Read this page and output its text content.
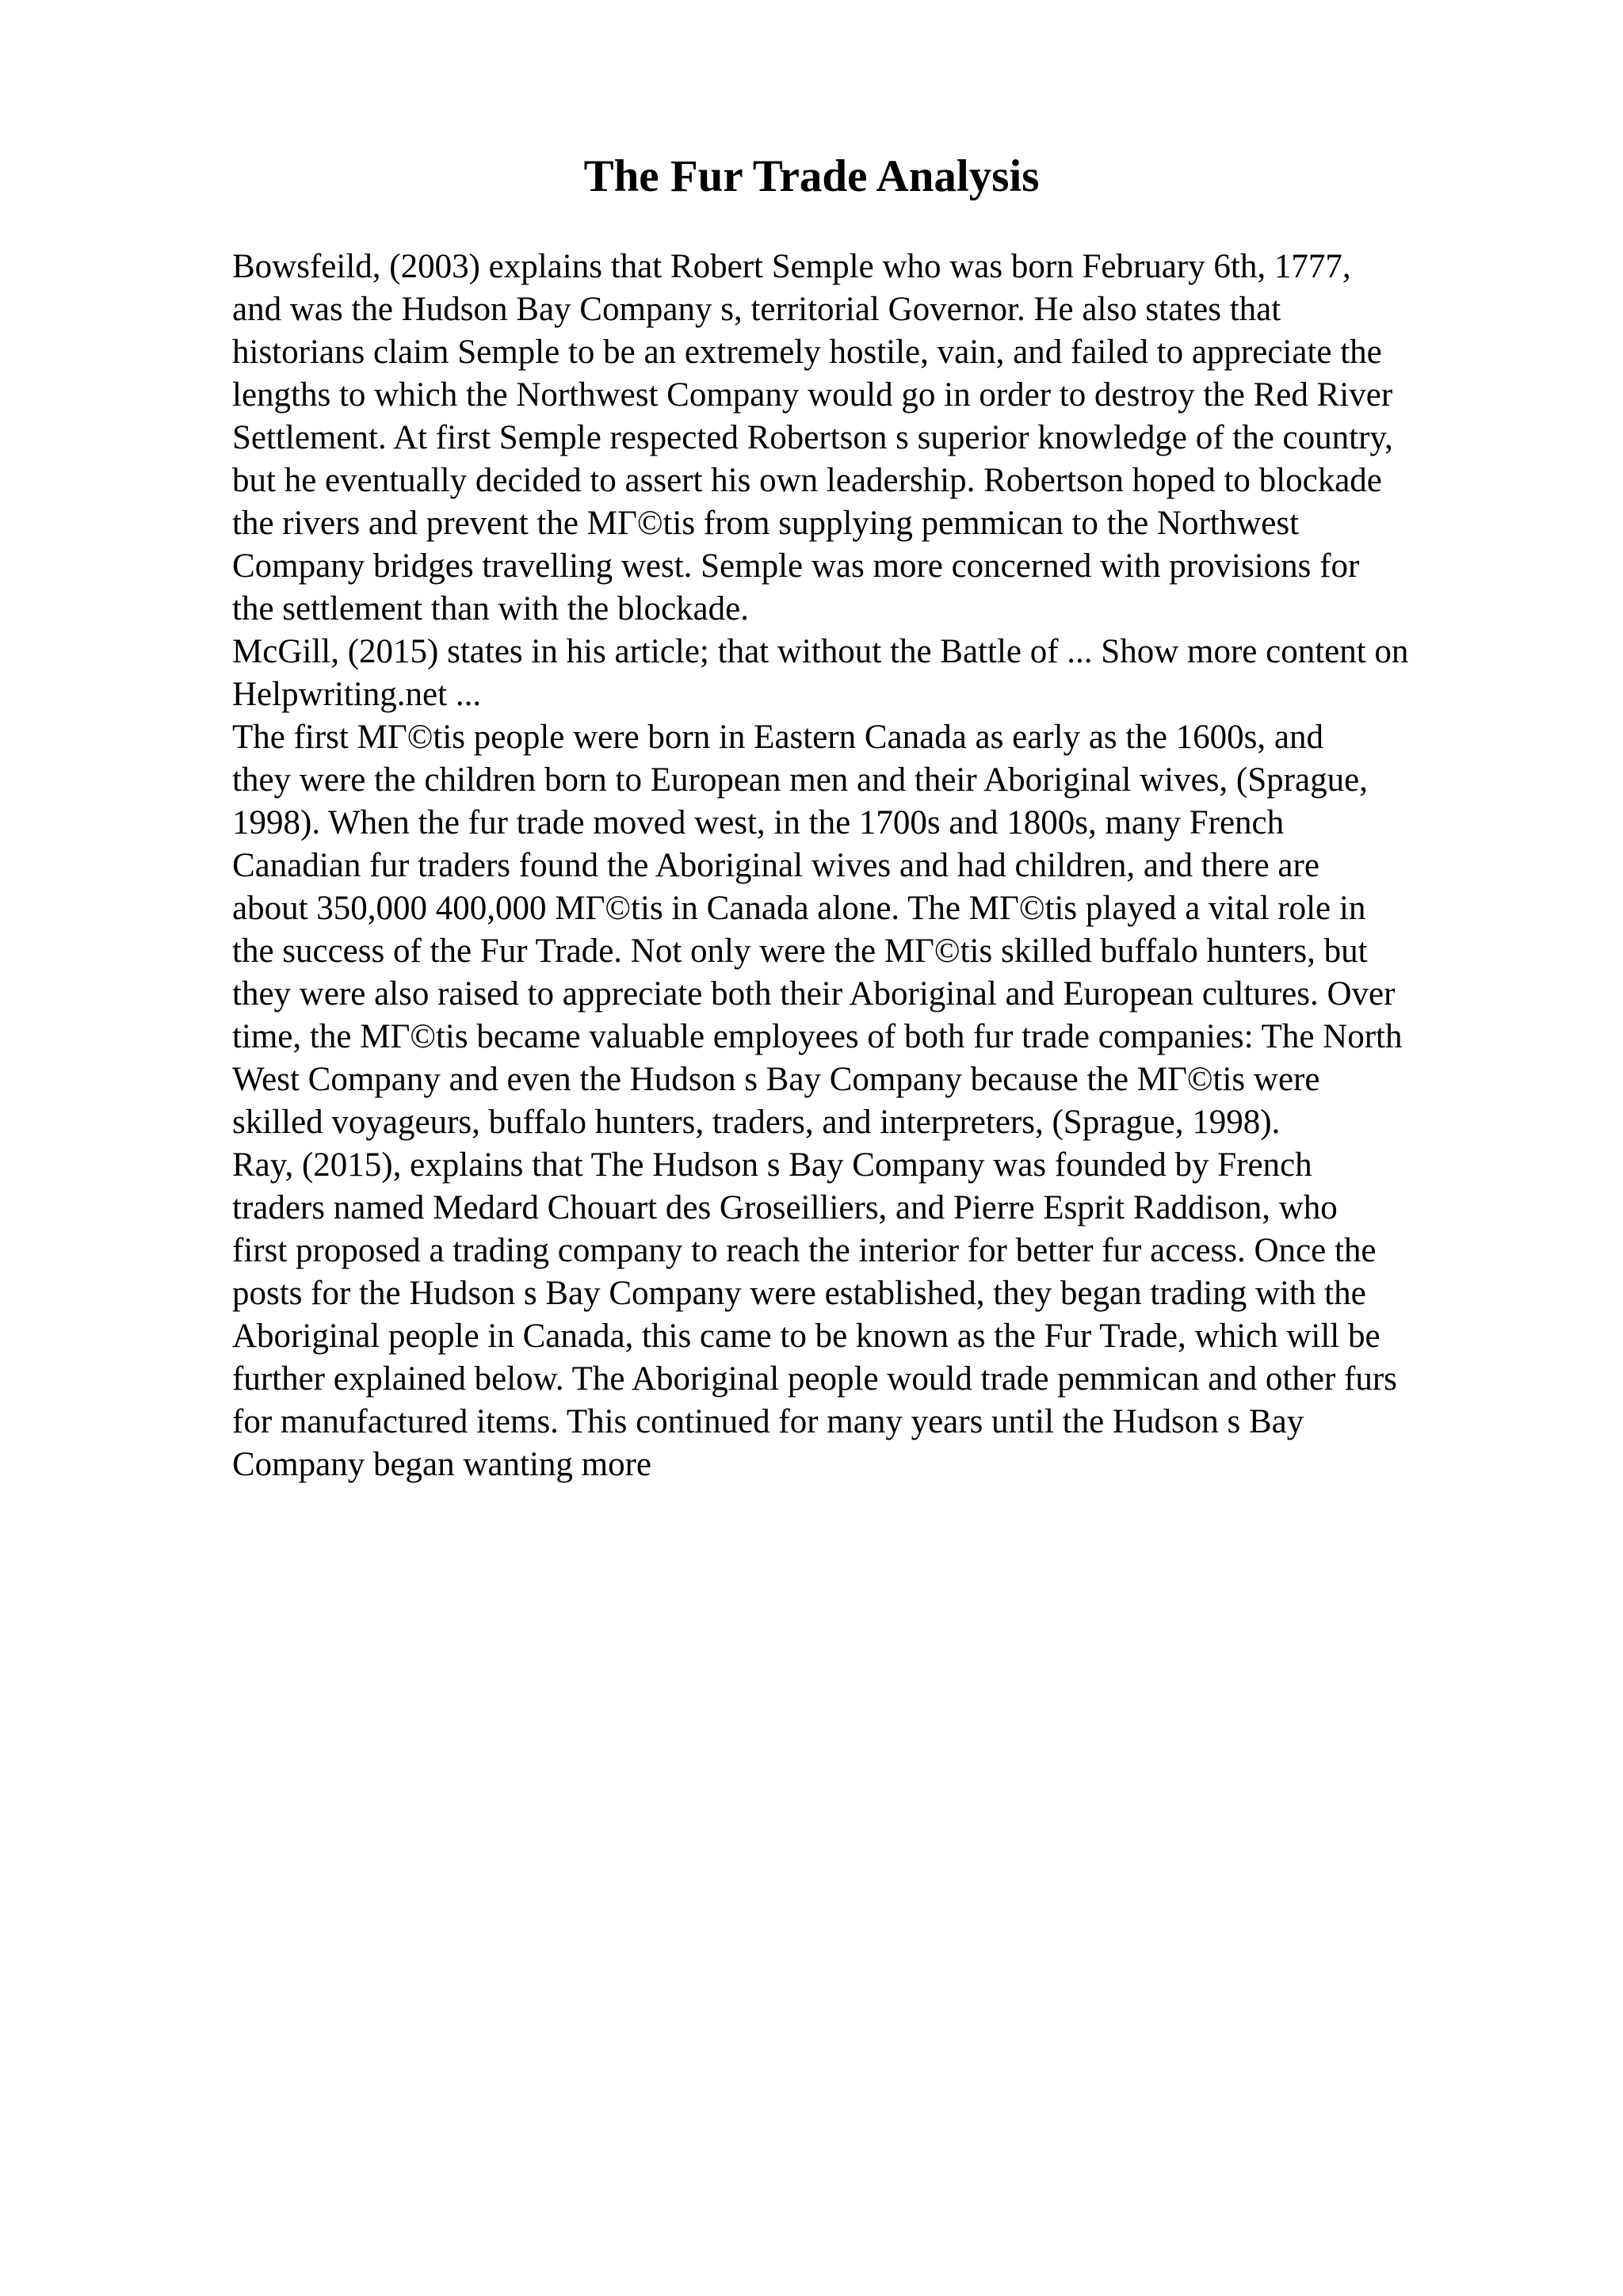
The Fur Trade Analysis
Bowsfeild, (2003) explains that Robert Semple who was born February 6th, 1777,
and was the Hudson Bay Company s, territorial Governor. He also states that
historians claim Semple to be an extremely hostile, vain, and failed to appreciate the
lengths to which the Northwest Company would go in order to destroy the Red River
Settlement. At first Semple respected Robertson s superior knowledge of the country,
but he eventually decided to assert his own leadership. Robertson hoped to blockade
the rivers and prevent the MГ©tis from supplying pemmican to the Northwest
Company bridges travelling west. Semple was more concerned with provisions for
the settlement than with the blockade.
McGill, (2015) states in his article; that without the Battle of ... Show more content on
Helpwriting.net ...
The first MГ©tis people were born in Eastern Canada as early as the 1600s, and
they were the children born to European men and their Aboriginal wives, (Sprague,
1998). When the fur trade moved west, in the 1700s and 1800s, many French
Canadian fur traders found the Aboriginal wives and had children, and there are
about 350,000 400,000 MГ©tis in Canada alone. The MГ©tis played a vital role in
the success of the Fur Trade. Not only were the MГ©tis skilled buffalo hunters, but
they were also raised to appreciate both their Aboriginal and European cultures. Over
time, the MГ©tis became valuable employees of both fur trade companies: The North
West Company and even the Hudson s Bay Company because the MГ©tis were
skilled voyageurs, buffalo hunters, traders, and interpreters, (Sprague, 1998).
Ray, (2015), explains that The Hudson s Bay Company was founded by French
traders named Medard Chouart des Groseilliers, and Pierre Esprit Raddison, who
first proposed a trading company to reach the interior for better fur access. Once the
posts for the Hudson s Bay Company were established, they began trading with the
Aboriginal people in Canada, this came to be known as the Fur Trade, which will be
further explained below. The Aboriginal people would trade pemmican and other furs
for manufactured items. This continued for many years until the Hudson s Bay
Company began wanting more
